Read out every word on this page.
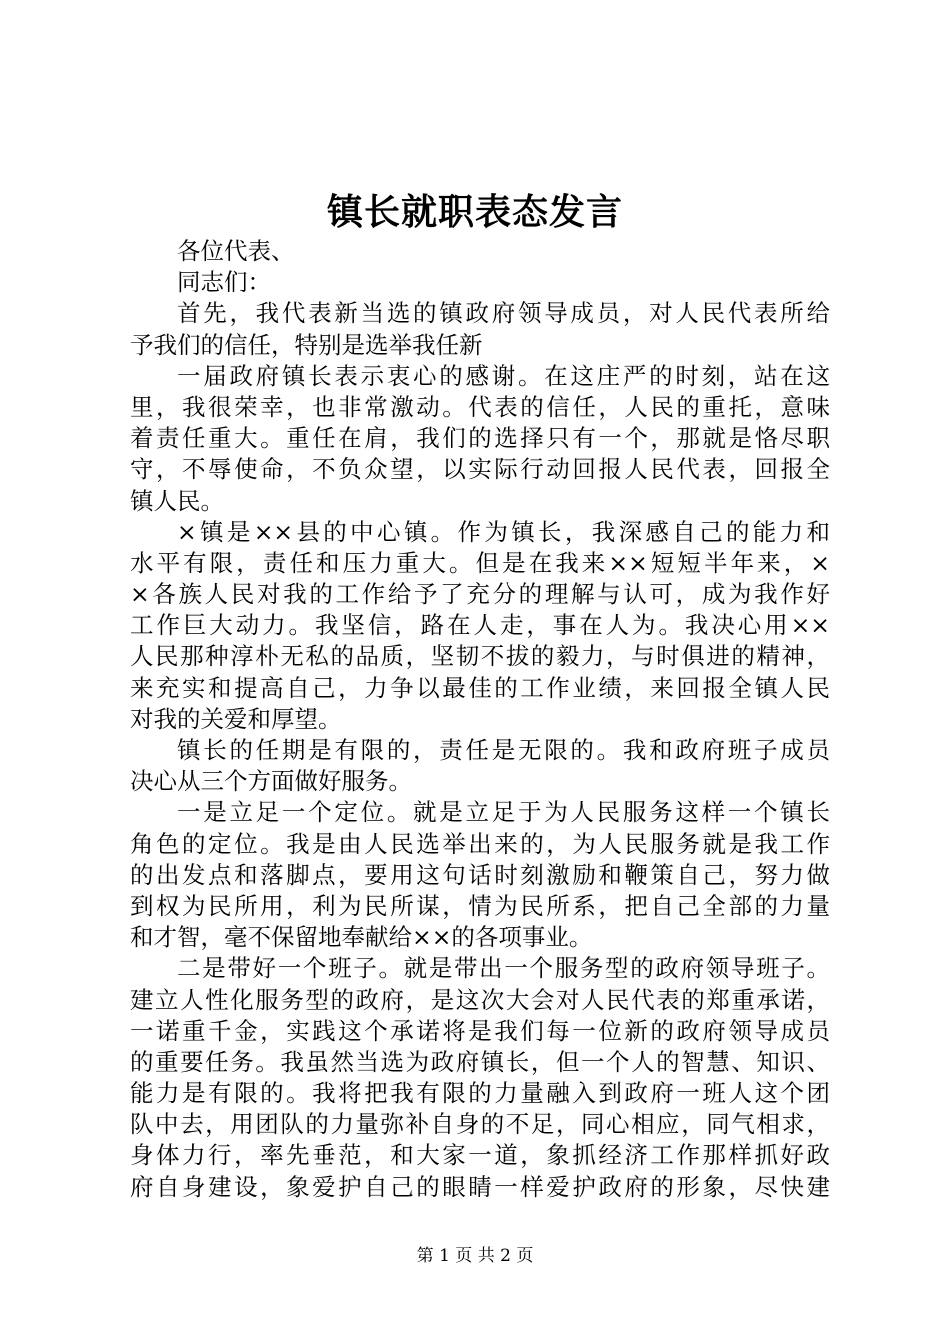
镇长就职表态发言
各位代表、
同志们：
首先，我代表新当选的镇政府领导成员，对人民代表所给
予我们的信任，特别是选举我任新
一届政府镇长表示衷心的感谢。在这庄严的时刻，站在这
里，我很荣幸，也非常激动。代表的信任，人民的重托，意味
着责任重大。重任在肩，我们的选择只有一个，那就是恪尽职
守，不辱使命，不负众望，以实际行动回报人民代表，回报全
镇人民。
×镇是××县的中心镇。作为镇长，我深感自己的能力和
水平有限，责任和压力重大。但是在我来××短短半年来，×
×各族人民对我的工作给予了充分的理解与认可，成为我作好
工作巨大动力。我坚信，路在人走，事在人为。我决心用××
人民那种淳朴无私的品质，坚韧不拔的毅力，与时俱进的精神，
来充实和提高自己，力争以最佳的工作业绩，来回报全镇人民
对我的关爱和厚望。
镇长的任期是有限的，责任是无限的。我和政府班子成员
决心从三个方面做好服务。
一是立足一个定位。就是立足于为人民服务这样一个镇长
角色的定位。我是由人民选举出来的，为人民服务就是我工作
的出发点和落脚点，要用这句话时刻激励和鞭策自己，努力做
到权为民所用，利为民所谋，情为民所系，把自己全部的力量
和才智，毫不保留地奉献给××的各项事业。
二是带好一个班子。就是带出一个服务型的政府领导班子。
建立人性化服务型的政府，是这次大会对人民代表的郑重承诺，
一诺重千金，实践这个承诺将是我们每一位新的政府领导成员
的重要任务。我虽然当选为政府镇长，但一个人的智慧、知识、
能力是有限的。我将把我有限的力量融入到政府一班人这个团
队中去，用团队的力量弥补自身的不足，同心相应，同气相求，
身体力行，率先垂范，和大家一道，象抓经济工作那样抓好政
府自身建设，象爱护自己的眼睛一样爱护政府的形象，尽快建
第 1 页 共 2 页
